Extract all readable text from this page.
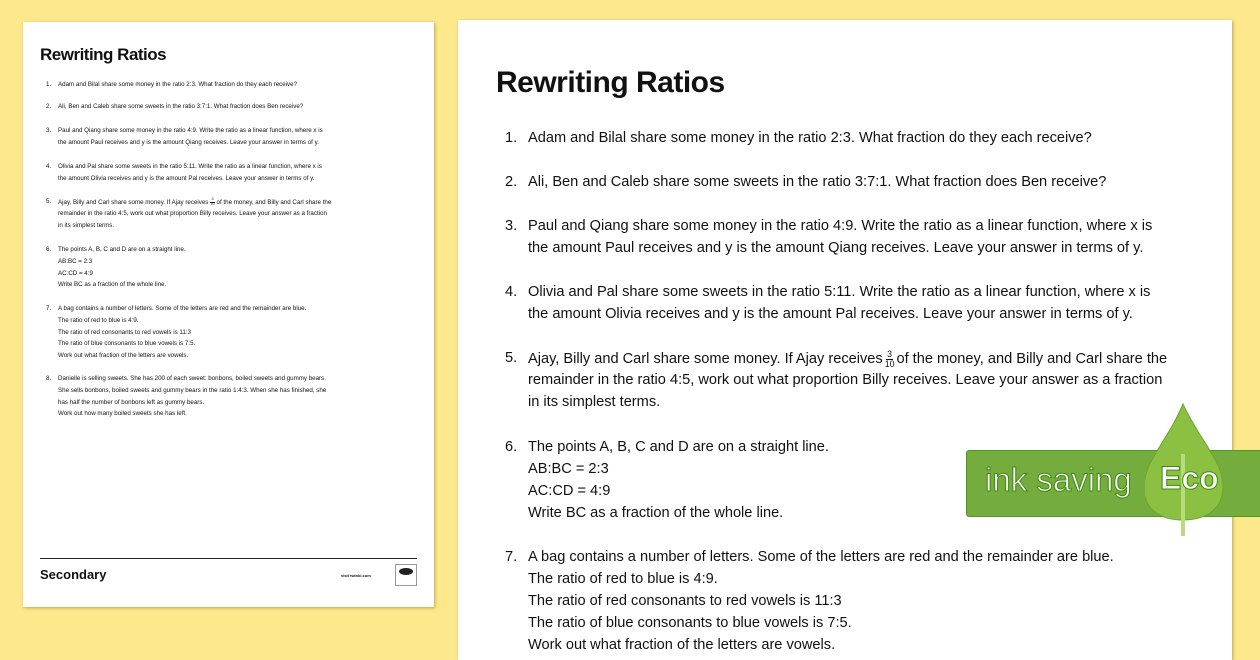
Rewriting Ratios
1. Adam and Bilal share some money in the ratio 2:3. What fraction do they each receive?
2. Ali, Ben and Caleb share some sweets in the ratio 3:7:1. What fraction does Ben receive?
3. Paul and Qiang share some money in the ratio 4:9. Write the ratio as a linear function, where x is
the amount Paul receives and y is the amount Qiang receives. Leave your answer in terms of y.
4. Olivia and Pal share some sweets in the ratio 5:11. Write the ratio as a linear function, where x is
the amount Olivia receives and y is the amount Pal receives. Leave your answer in terms of y.
5. Ajay, Billy and Carl share some money. If Ajay receives $\frac{3}{10}$ of the money, and Billy and Carl share the
remainder in the ratio 4:5, work out what proportion Billy receives. Leave your answer as a fraction
in its simplest terms.
6. The points A, B, C and D are on a straight line.
AB:BC = 2:3
AC:CD = 4:9
Write BC as a fraction of the whole line.
7. A bag contains a number of letters. Some of the letters are red and the remainder are blue.
The ratio of red to blue is 4:9.
The ratio of red consonants to red vowels is 11:3
The ratio of blue consonants to blue vowels is 7:5.
Work out what fraction of the letters are vowels.
8. Danielle is selling sweets. She has 200 of each sweet: bonbons, boiled sweets and gummy bears.
She sells bonbons, boiled sweets and gummy bears in the ratio 1:4:3. When she has finished, she
has half the number of bonbons left as gummy bears.
Work out how many boiled sweets she has left.
Secondary	visit twinkl.com
Rewriting Ratios
1. Adam and Bilal share some money in the ratio 2:3. What fraction do they each receive?
2. Ali, Ben and Caleb share some sweets in the ratio 3:7:1. What fraction does Ben receive?
3. Paul and Qiang share some money in the ratio 4:9. Write the ratio as a linear function, where x is
the amount Paul receives and y is the amount Qiang receives. Leave your answer in terms of y.
4. Olivia and Pal share some sweets in the ratio 5:11. Write the ratio as a linear function, where x is
the amount Olivia receives and y is the amount Pal receives. Leave your answer in terms of y.
5. Ajay, Billy and Carl share some money. If Ajay receives $\frac{3}{10}$ of the money, and Billy and Carl share the
remainder in the ratio 4:5, work out what proportion Billy receives. Leave your answer as a fraction
in its simplest terms.
6. The points A, B, C and D are on a straight line.
AB:BC = 2:3
AC:CD = 4:9
Write BC as a fraction of the whole line.
7. A bag contains a number of letters. Some of the letters are red and the remainder are blue.
The ratio of red to blue is 4:9.
The ratio of red consonants to red vowels is 11:3
The ratio of blue consonants to blue vowels is 7:5.
Work out what fraction of the letters are vowels.
ink saving Eco
